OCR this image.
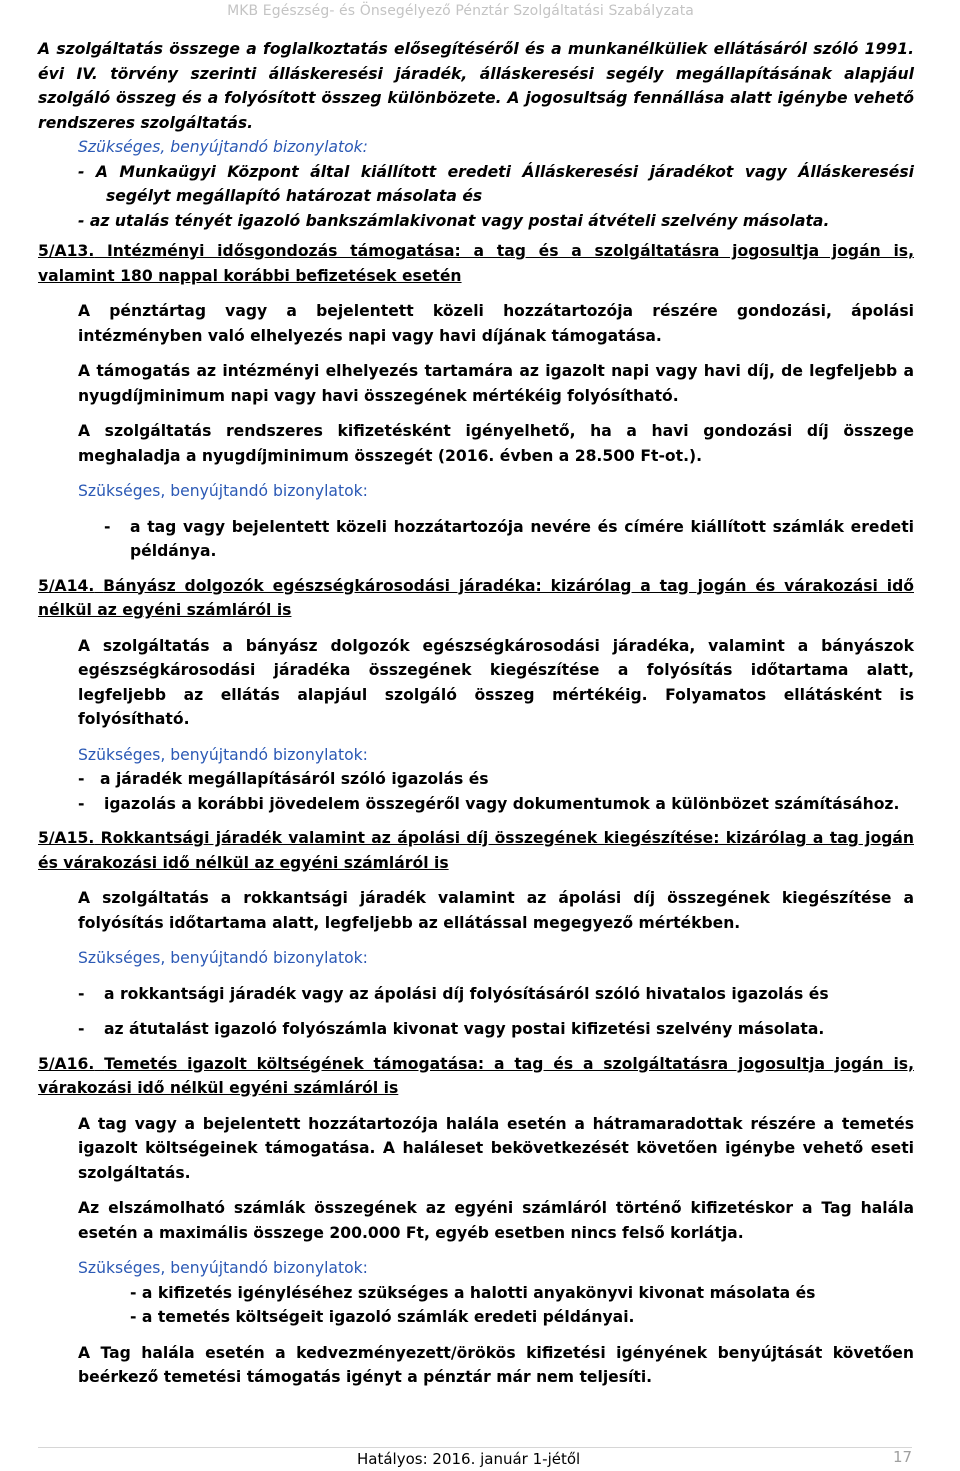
MKB Egészség- és Önsegélyező Pénztár Szolgáltatási Szabályzata

A szolgáltatás összege a foglalkoztatás elősegítéséről és a munkanélküliek ellátásáról szóló 1991. évi IV. törvény szerinti álláskeresési járadék, álláskeresési segély megállapításának alapjául szolgáló összeg és a folyósított összeg különbözete. A jogosultság fennállása alatt igénybe vehető rendszeres szolgáltatás.

Szükséges, benyújtandó bizonylatok:

- A Munkaügyi Központ által kiállított eredeti Álláskeresési járadékot vagy Álláskeresési segélyt megállapító határozat másolata és

- az utalás tényét igazoló bankszámlakivonat vagy postai átvételi szelvény másolata.

5/A13. Intézményi idősgondozás támogatása: a tag és a szolgáltatásra jogosultja jogán is, valamint 180 nappal korábbi befizetések esetén

A pénztártag vagy a bejelentett közeli hozzátartozója részére gondozási, ápolási intézményben való elhelyezés napi vagy havi díjának támogatása.

A támogatás az intézményi elhelyezés tartamára az igazolt napi vagy havi díj, de legfeljebb a nyugdíjminimum napi vagy havi összegének mértékéig folyósítható.

A szolgáltatás rendszeres kifizetésként igényelhető, ha a havi gondozási díj összege meghaladja a nyugdíjminimum összegét (2016. évben a 28.500 Ft-ot.).

Szükséges, benyújtandó bizonylatok:

- a tag vagy bejelentett közeli hozzátartozója nevére és címére kiállított számlák eredeti példánya.

5/A14. Bányász dolgozók egészségkárosodási járadéka: kizárólag a tag jogán és várakozási idő nélkül az egyéni számláról is

A szolgáltatás a bányász dolgozók egészségkárosodási járadéka, valamint a bányászok egészségkárosodási járadéka összegének kiegészítése a folyósítás időtartama alatt, legfeljebb az ellátás alapjául szolgáló összeg mértékéig. Folyamatos ellátásként is folyósítható.

Szükséges, benyújtandó bizonylatok:

- a járadék megállapításáról szóló igazolás és
- igazolás a korábbi jövedelem összegéről vagy dokumentumok a különbözet számításához.

5/A15. Rokkantsági járadék valamint az ápolási díj összegének kiegészítése: kizárólag a tag jogán és várakozási idő nélkül az egyéni számláról is

A szolgáltatás a rokkantsági járadék valamint az ápolási díj összegének kiegészítése a folyósítás időtartama alatt, legfeljebb az ellátással megegyező mértékben.

Szükséges, benyújtandó bizonylatok:

- a rokkantsági járadék vagy az ápolási díj folyósításáról szóló hivatalos igazolás és
- az átutalást igazoló folyószámla kivonat vagy postai kifizetési szelvény másolata.

5/A16. Temetés igazolt költségének támogatása: a tag és a szolgáltatásra jogosultja jogán is, várakozási idő nélkül egyéni számláról is

A tag vagy a bejelentett hozzátartozója halála esetén a hátramaradottak részére a temetés igazolt költségeinek támogatása. A haláleset bekövetkezését követően igénybe vehető eseti szolgáltatás.

Az elszámolható számlák összegének az egyéni számláról történő kifizetéskor a Tag halála esetén a maximális összege 200.000 Ft, egyéb esetben nincs felső korlátja.

Szükséges, benyújtandó bizonylatok:

- a kifizetés igényléséhez szükséges a halotti anyakönyvi kivonat másolata és

- a temetés költségeit igazoló számlák eredeti példányai.

A Tag halála esetén a kedvezményezett/örökös kifizetési igényének benyújtását követően beérkező temetési támogatás igényt a pénztár már nem teljesíti.

Hatályos: 2016. január 1-jétől	17
